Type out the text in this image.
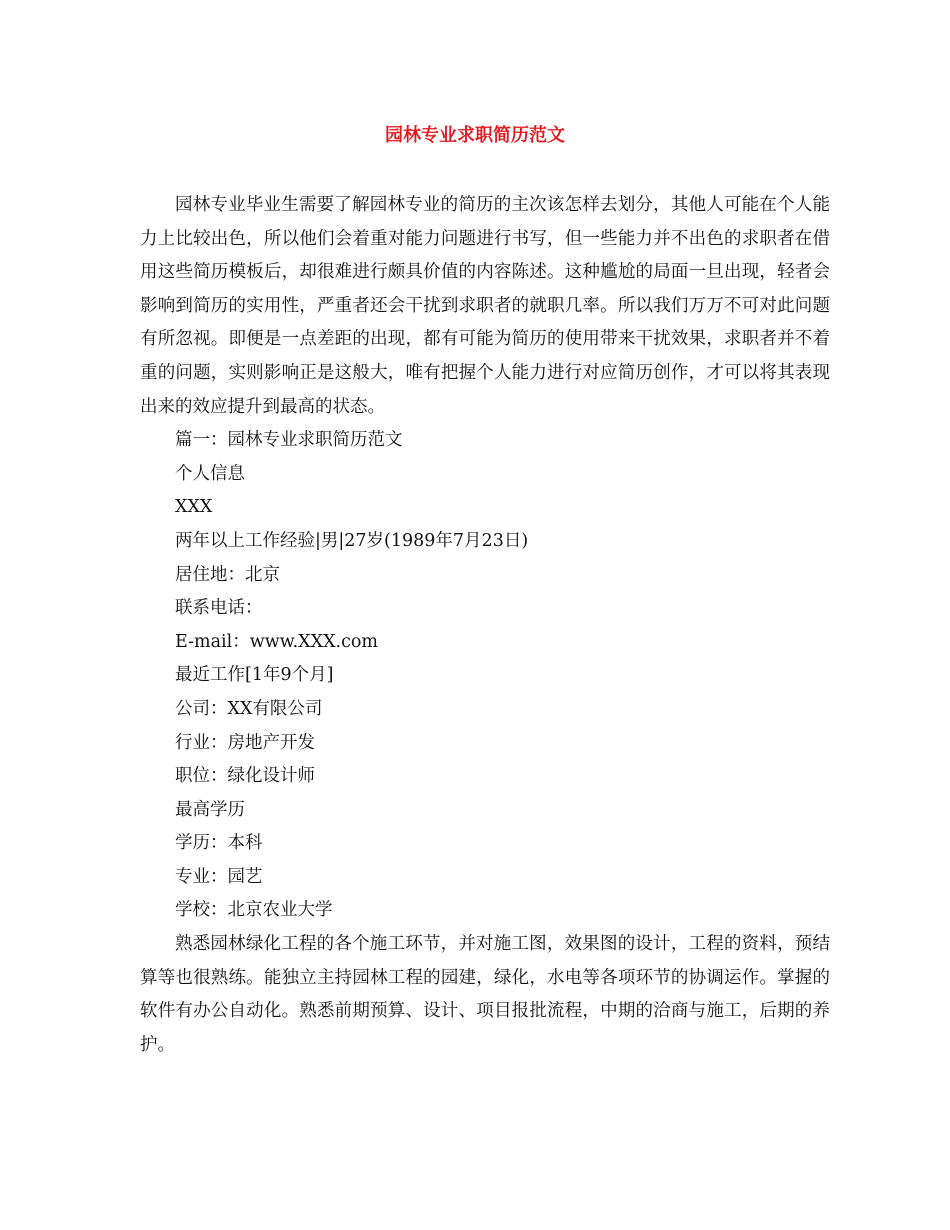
园林专业求职简历范文

园林专业毕业生需要了解园林专业的简历的主次该怎样去划分，其他人可能在个人能力上比较出色，所以他们会着重对能力问题进行书写，但一些能力并不出色的求职者在借用这些简历模板后，却很难进行颇具价值的内容陈述。这种尴尬的局面一旦出现，轻者会影响到简历的实用性，严重者还会干扰到求职者的就职几率。所以我们万万不可对此问题有所忽视。即便是一点差距的出现，都有可能为简历的使用带来干扰效果，求职者并不着重的问题，实则影响正是这般大，唯有把握个人能力进行对应简历创作，才可以将其表现出来的效应提升到最高的状态。

篇一：园林专业求职简历范文

个人信息

XXX

两年以上工作经验|男|27岁(1989年7月23日)

居住地：北京

联系电话：

E-mail：www.XXX.com

最近工作[1年9个月]

公司：XX有限公司

行业：房地产开发

职位：绿化设计师

最高学历

学历：本科

专业：园艺

学校：北京农业大学

熟悉园林绿化工程的各个施工环节，并对施工图，效果图的设计，工程的资料，预结算等也很熟练。能独立主持园林工程的园建，绿化，水电等各项环节的协调运作。掌握的软件有办公自动化。熟悉前期预算、设计、项目报批流程，中期的洽商与施工，后期的养护。
